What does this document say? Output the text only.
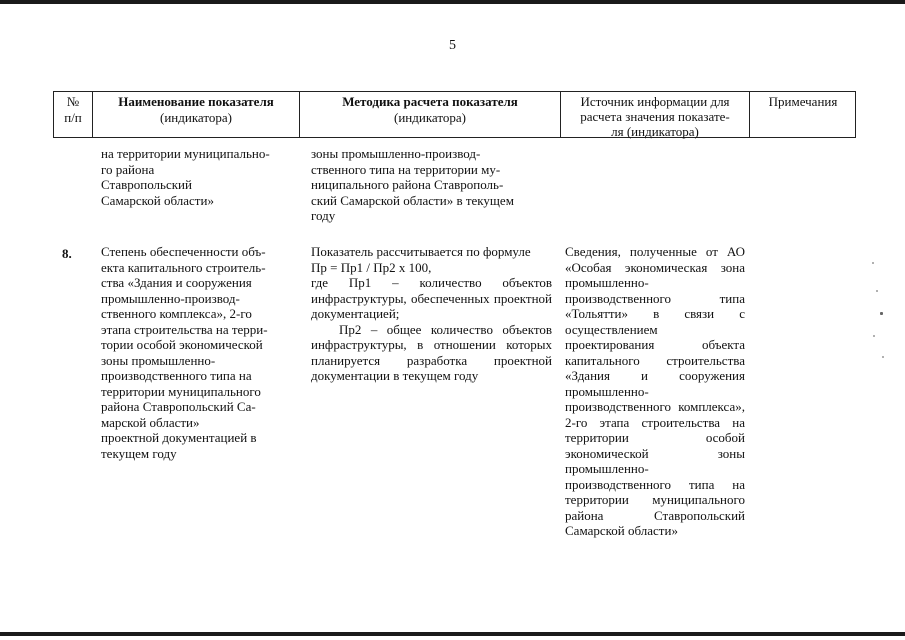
5
№
п/п
Наименование показателя
(индикатора)
Методика расчета показателя
(индикатора)
Источник информации для
расчета значения показате-
ля (индикатора)
Примечания
на территории муниципально-
го района
Ставропольский
Самарской области»
зоны промышленно-производ-
ственного типа на территории му-
ниципального района Ставрополь-
ский Самарской области» в текущем
году
8. Степень обеспеченности объ-
екта капитального строитель-
ства «Здания и сооружения
промышленно-производ-
ственного комплекса», 2-го
этапа строительства на терри-
тории особой экономической
зоны промышленно-
производственного типа на
территории муниципального
района Ставропольский Са-
марской области»
проектной документацией в
текущем году
Показатель рассчитывается по формуле
Пр = Пр1 / Пр2 х 100,
где Пр1 – количество объектов инфраструктуры, обеспеченных проектной документацией;
Пр2 – общее количество объектов инфраструктуры, в отношении которых планируется разработка проектной документации в текущем году
Сведения, полученные от АО «Особая экономическая зона промышленно-производственного типа «Тольятти» в связи с осуществлением проектирования объекта капитального строительства «Здания и сооружения промышленно-производственного комплекса», 2-го этапа строительства на территории особой экономической зоны промышленно-производственного типа на территории муниципального района Ставропольский Самарской области»
